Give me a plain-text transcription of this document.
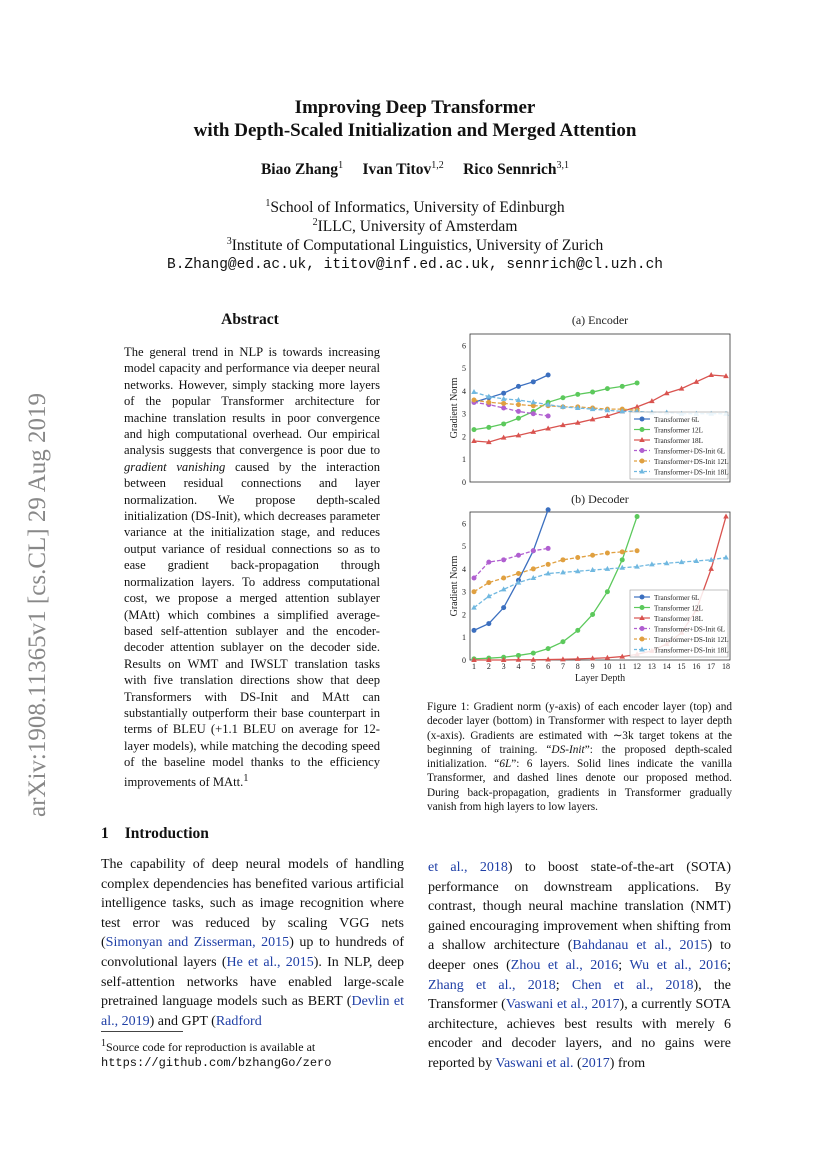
arXiv:1908.11365v1 [cs.CL] 29 Aug 2019
Improving Deep Transformer
with Depth-Scaled Initialization and Merged Attention
Biao Zhang$^1$ Ivan Titov$^{1,2}$ Rico Sennrich$^{3,1}$
$^1$School of Informatics, University of Edinburgh
$^2$ILLC, University of Amsterdam
$^3$Institute of Computational Linguistics, University of Zurich
B.Zhang@ed.ac.uk, ititov@inf.ed.ac.uk, sennrich@cl.uzh.ch
Abstract
The general trend in NLP is towards increasing model capacity and performance via deeper neural networks. However, simply stacking more layers of the popular Transformer architecture for machine translation results in poor convergence and high computational overhead. Our empirical analysis suggests that convergence is poor due to gradient vanishing caused by the interaction between residual connections and layer normalization. We propose depth-scaled initialization (DS-Init), which decreases parameter variance at the initialization stage, and reduces output variance of residual connections so as to ease gradient back-propagation through normalization layers. To address computational cost, we propose a merged attention sublayer (MAtt) which combines a simplified average-based self-attention sublayer and the encoder-decoder attention sublayer on the decoder side. Results on WMT and IWSLT translation tasks with five translation directions show that deep Transformers with DS-Init and MAtt can substantially outperform their base counterpart in terms of BLEU (+1.1 BLEU on average for 12-layer models), while matching the decoding speed of the baseline model thanks to the efficiency improvements of MAtt.$^1$
1 Introduction
The capability of deep neural models of handling complex dependencies has benefited various artificial intelligence tasks, such as image recognition where test error was reduced by scaling VGG nets (Simonyan and Zisserman, 2015) up to hundreds of convolutional layers (He et al., 2015). In NLP, deep self-attention networks have enabled large-scale pretrained language models such as BERT (Devlin et al., 2019) and GPT (Radford
et al., 2018) to boost state-of-the-art (SOTA) performance on downstream applications. By contrast, though neural machine translation (NMT) gained encouraging improvement when shifting from a shallow architecture (Bahdanau et al., 2015) to deeper ones (Zhou et al., 2016; Wu et al., 2016; Zhang et al., 2018; Chen et al., 2018), the Transformer (Vaswani et al., 2017), a currently SOTA architecture, achieves best results with merely 6 encoder and decoder layers, and no gains were reported by Vaswani et al. (2017) from
$^1$Source code for reproduction is available at https://github.com/bzhangGo/zero
(a) Encoder
0
1
2
3
4
5
6
Gradient Norm	Transformer 6L
Transformer 12L
Transformer 18L
Transformer+DS-Init 6L
Transformer+DS-Init 12L
Transformer+DS-Init 18L
(b) Decoder
0
1
2
3
4
5
6
Gradient Norm
1 2 3 4 5 6 7 8 9 10 11 12 13 14 15 16 17 18
Layer Depth
Transformer 6L
Transformer 12L
Transformer 18L
Transformer+DS-Init 6L
Transformer+DS-Init 12L
Transformer+DS-Init 18L
Figure 1: Gradient norm (y-axis) of each encoder layer (top) and decoder layer (bottom) in Transformer with respect to layer depth (x-axis). Gradients are estimated with ∼3k target tokens at the beginning of training. “DS-Init”: the proposed depth-scaled initialization. “6L”: 6 layers. Solid lines indicate the vanilla Transformer, and dashed lines denote our proposed method. During back-propagation, gradients in Transformer gradually vanish from high layers to low layers.
